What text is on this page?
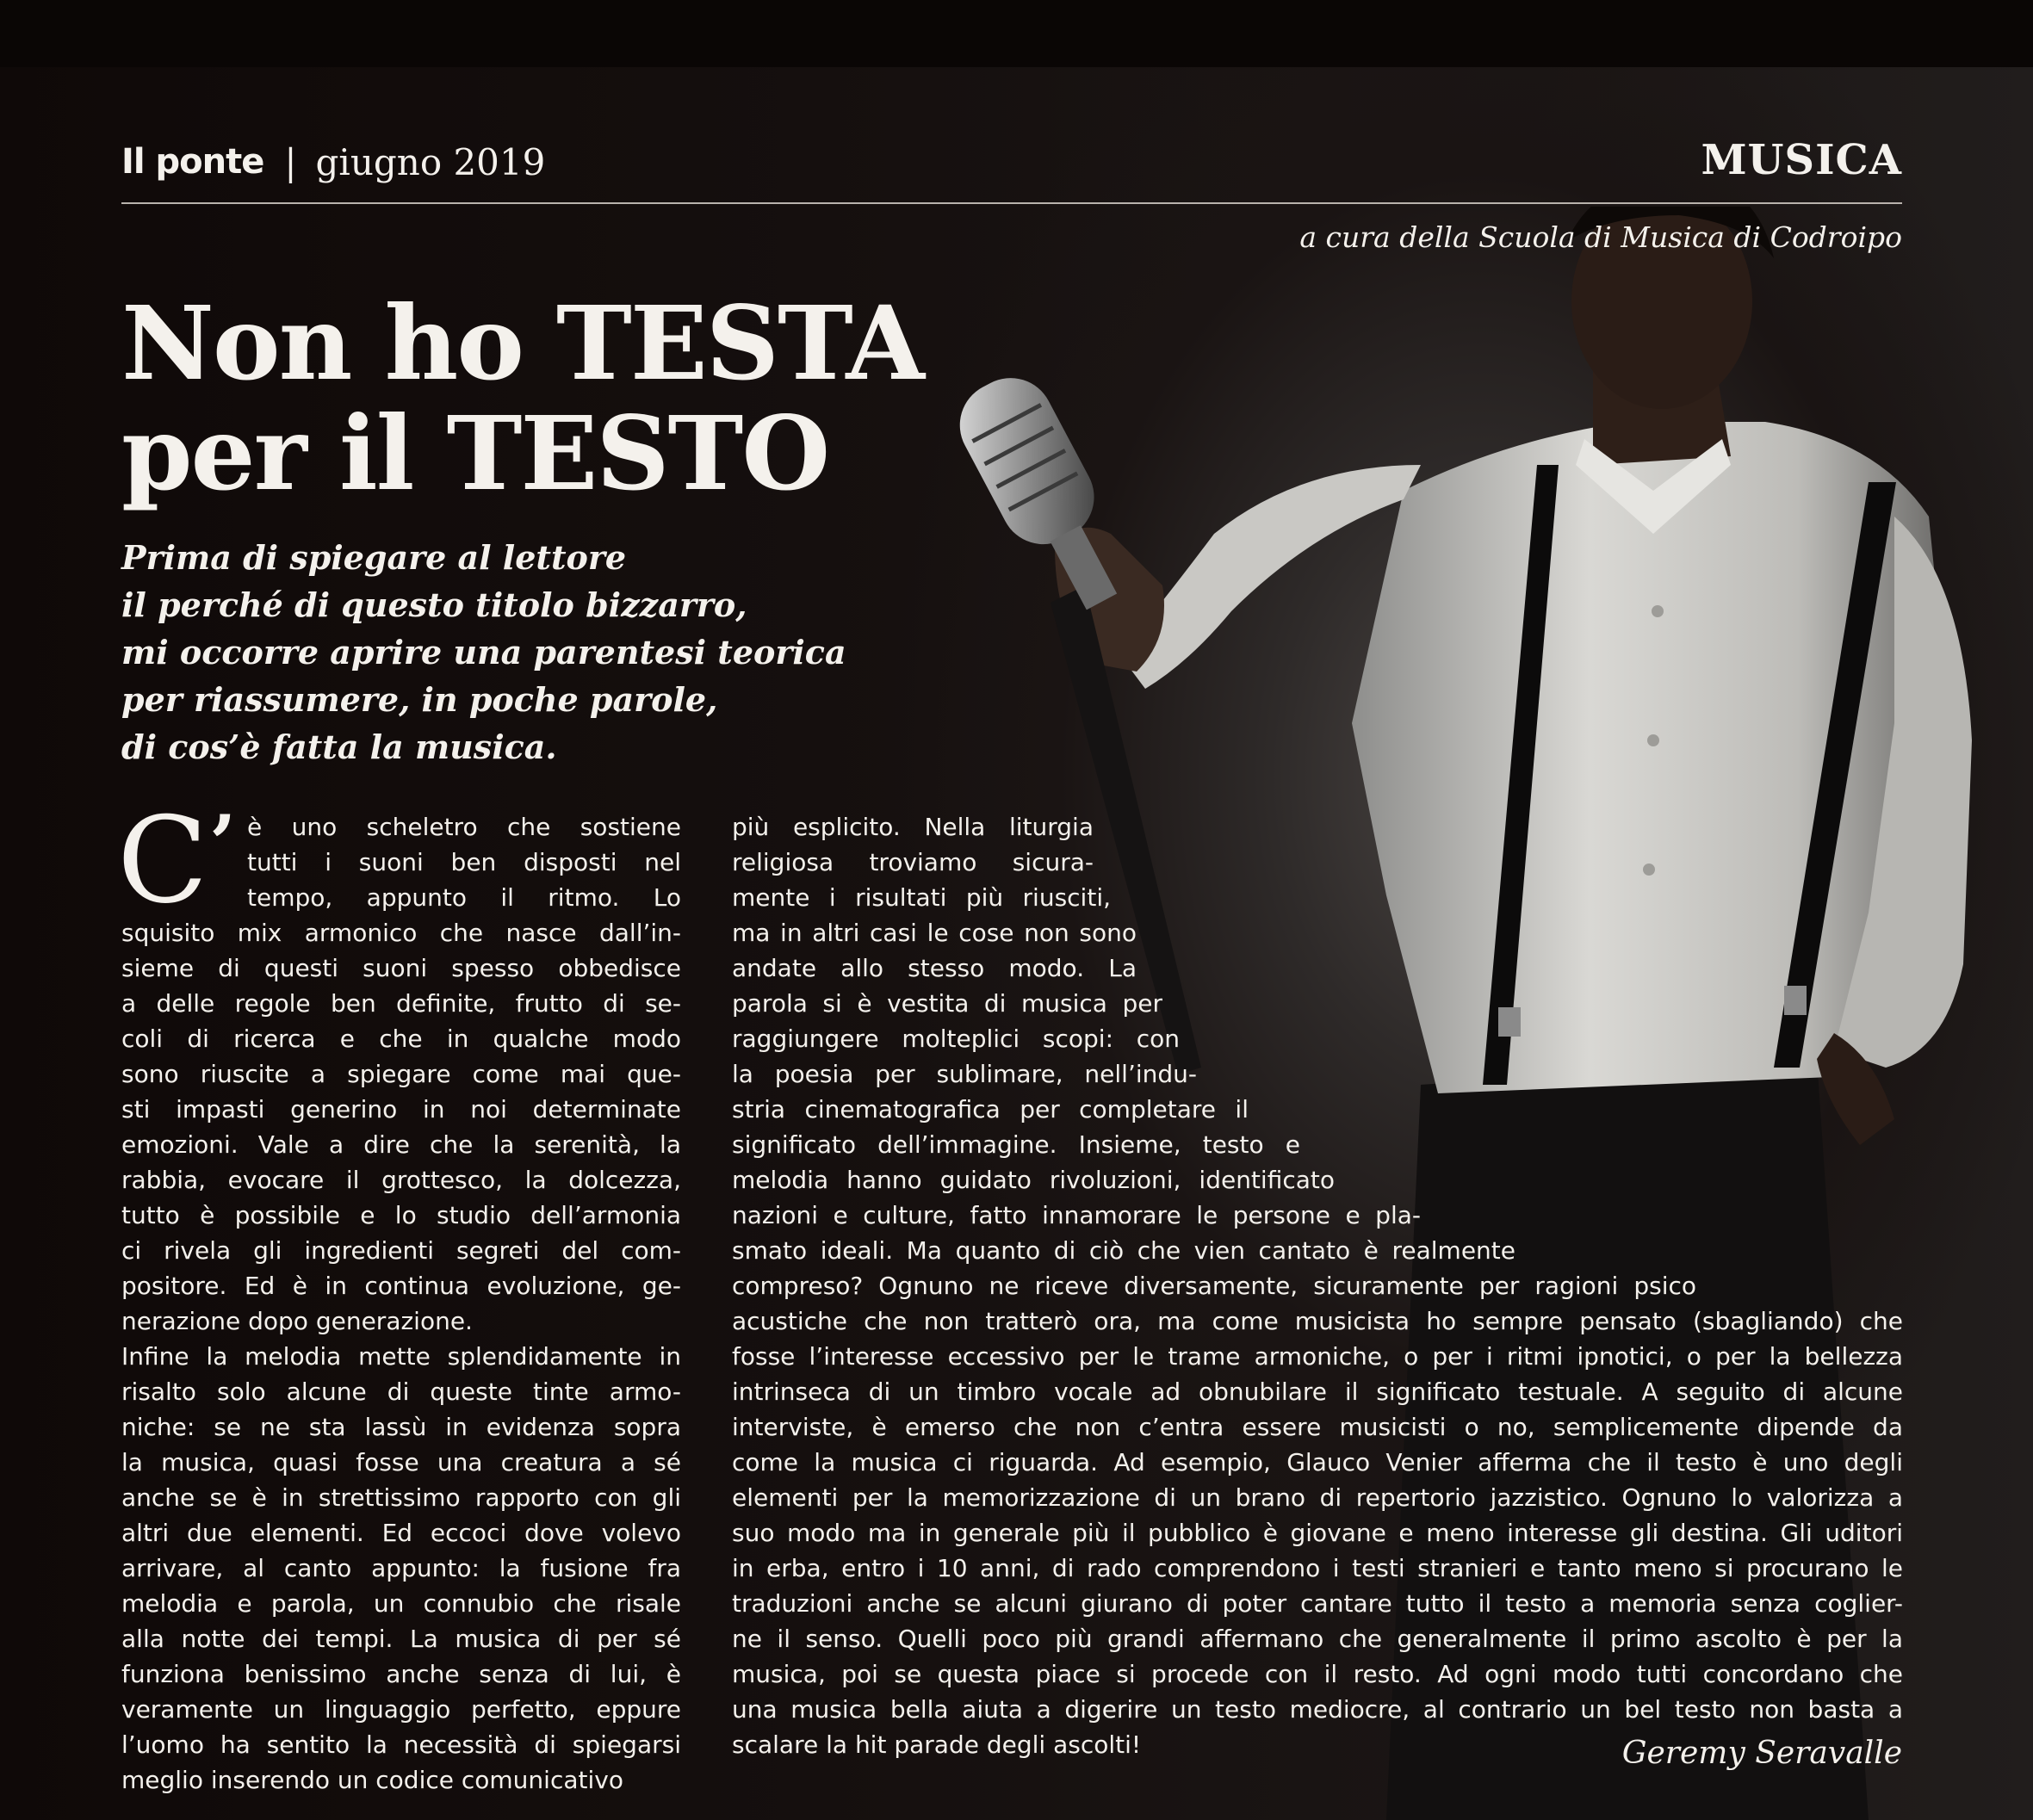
Il ponte | giugno 2019	MUSICA
a cura della Scuola di Musica di Codroipo
Non ho TESTA
per il TESTO

Prima di spiegare al lettore
il perché di questo titolo bizzarro,
mi occorre aprire una parentesi teorica
per riassumere, in poche parole,
di cos’è fatta la musica.

C ’ è uno scheletro che sostiene
tutti i suoni ben disposti nel
tempo, appunto il ritmo. Lo
squisito mix armonico che nasce dall’in-
sieme di questi suoni spesso obbedisce
a delle regole ben definite, frutto di se-
coli di ricerca e che in qualche modo
sono riuscite a spiegare come mai que-
sti impasti generino in noi determinate
emozioni. Vale a dire che la serenità, la
rabbia, evocare il grottesco, la dolcezza,
tutto è possibile e lo studio dell’armonia
ci rivela gli ingredienti segreti del com-
positore. Ed è in continua evoluzione, ge-
nerazione dopo generazione.
Infine la melodia mette splendidamente in
risalto solo alcune di queste tinte armo-
niche: se ne sta lassù in evidenza sopra
la musica, quasi fosse una creatura a sé
anche se è in strettissimo rapporto con gli
altri due elementi. Ed eccoci dove volevo
arrivare, al canto appunto: la fusione fra
melodia e parola, un connubio che risale
alla notte dei tempi. La musica di per sé
funziona benissimo anche senza di lui, è
veramente un linguaggio perfetto, eppure
l’uomo ha sentito la necessità di spiegarsi
meglio inserendo un codice comunicativo
più esplicito. Nella liturgia
religiosa troviamo sicura-
mente i risultati più riusciti,
ma in altri casi le cose non sono
andate allo stesso modo. La
parola si è vestita di musica per
raggiungere molteplici scopi: con
la poesia per sublimare, nell’indu-
stria cinematografica per completare il
significato dell’immagine. Insieme, testo e
melodia hanno guidato rivoluzioni, identificato
nazioni e culture, fatto innamorare le persone e pla-
smato ideali. Ma quanto di ciò che vien cantato è realmente
compreso? Ognuno ne riceve diversamente, sicuramente per ragioni psico
acustiche che non tratterò ora, ma come musicista ho sempre pensato (sbagliando) che
fosse l’interesse eccessivo per le trame armoniche, o per i ritmi ipnotici, o per la bellezza
intrinseca di un timbro vocale ad obnubilare il significato testuale. A seguito di alcune
interviste, è emerso che non c’entra essere musicisti o no, semplicemente dipende da
come la musica ci riguarda. Ad esempio, Glauco Venier afferma che il testo è uno degli
elementi per la memorizzazione di un brano di repertorio jazzistico. Ognuno lo valorizza a
suo modo ma in generale più il pubblico è giovane e meno interesse gli destina. Gli uditori
in erba, entro i 10 anni, di rado comprendono i testi stranieri e tanto meno si procurano le
traduzioni anche se alcuni giurano di poter cantare tutto il testo a memoria senza coglier-
ne il senso. Quelli poco più grandi affermano che generalmente il primo ascolto è per la
musica, poi se questa piace si procede con il resto. Ad ogni modo tutti concordano che
una musica bella aiuta a digerire un testo mediocre, al contrario un bel testo non basta a
scalare la hit parade degli ascolti!	Geremy Seravalle
